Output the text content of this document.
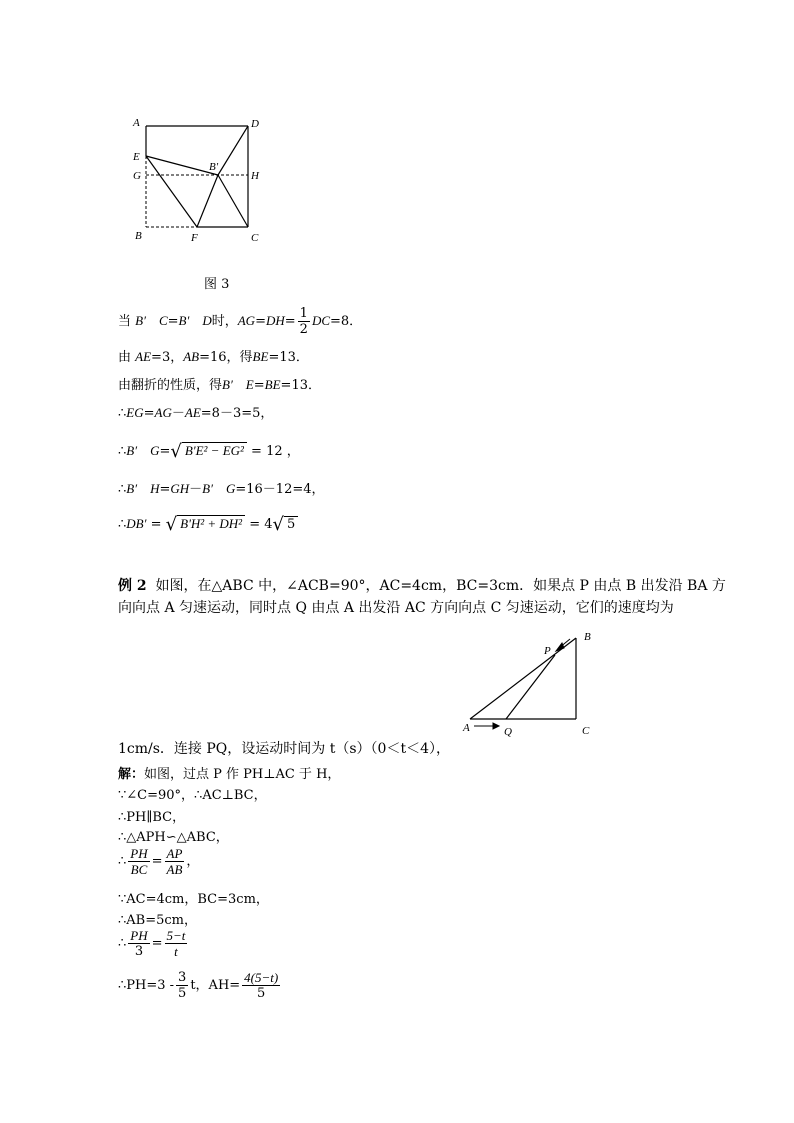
A	D
E
B'
G	H
B	F	C
图 3
当 B′　C=B′　D时，$AG=DH= \frac{1}{2} DC=8$．
由 AE=3，AB=16，得BE=13．
由翻折的性质，得B′　E=BE=13．
∴EG=AG－AE=8－3=5，
∴B′　G=√ B'E² − EG² = 12 ，
∴B′　H=GH－B′　G=16－12=4，
∴DB′ = √ B'H² + DH² = 4√ 5
例 2 如图，在△ABC 中，∠ACB=90°，AC=4cm，BC=3cm．如果点 P 由点 B 出发沿 BA 方
向向点 A 匀速运动，同时点 Q 由点 A 出发沿 AC 方向向点 C 匀速运动，它们的速度均为
A
B
C
P
Q
1cm/s．连接 PQ，设运动时间为 t（s）（0＜t＜4），
解：如图，过点 P 作 PH⊥AC 于 H，
∵∠C=90°，∴AC⊥BC，
∴PH∥BC，
∴△APH∽△ABC，
∴ $\frac{PH}{BC} = \frac{AP}{AB}$ ，
∵AC=4cm，BC=3cm，
∴AB=5cm，
∴ $\frac{PH}{3} = \frac{5-t}{t}$
∴PH=3 - $\frac{3}{5}$ t，$AH= \frac{4(5-t)}{5}$
